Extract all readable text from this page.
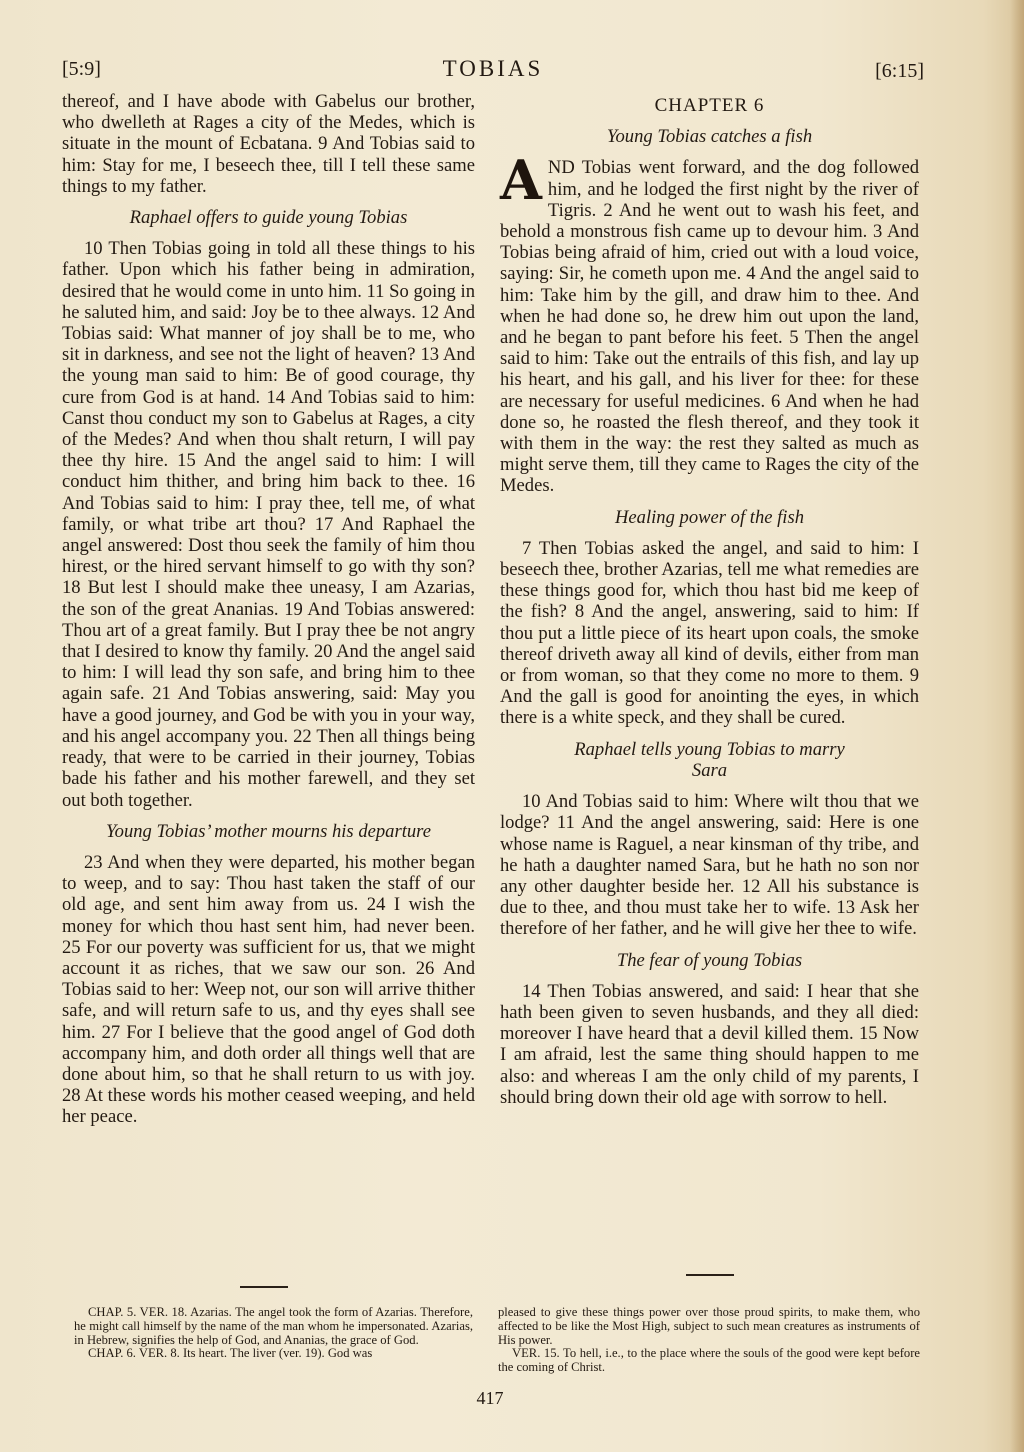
[5:9]	TOBIAS	[6:15]

thereof, and I have abode with Gabelus our brother, who dwelleth at Rages a city of the Medes, which is situate in the mount of Ecbatana. 9 And Tobias said to him: Stay for me, I beseech thee, till I tell these same things to my father.

Raphael offers to guide young Tobias

10 Then Tobias going in told all these things to his father. Upon which his father being in admiration, desired that he would come in unto him. 11 So going in he saluted him, and said: Joy be to thee always. 12 And Tobias said: What manner of joy shall be to me, who sit in darkness, and see not the light of heaven? 13 And the young man said to him: Be of good courage, thy cure from God is at hand. 14 And Tobias said to him: Canst thou conduct my son to Gabelus at Rages, a city of the Medes? And when thou shalt return, I will pay thee thy hire. 15 And the angel said to him: I will conduct him thither, and bring him back to thee. 16 And Tobias said to him: I pray thee, tell me, of what family, or what tribe art thou? 17 And Raphael the angel answered: Dost thou seek the family of him thou hirest, or the hired servant himself to go with thy son? 18 But lest I should make thee uneasy, I am Azarias, the son of the great Ananias. 19 And Tobias answered: Thou art of a great family. But I pray thee be not angry that I desired to know thy family. 20 And the angel said to him: I will lead thy son safe, and bring him to thee again safe. 21 And Tobias answering, said: May you have a good journey, and God be with you in your way, and his angel accompany you. 22 Then all things being ready, that were to be carried in their journey, Tobias bade his father and his mother farewell, and they set out both together.

Young Tobias’ mother mourns his departure

23 And when they were departed, his mother began to weep, and to say: Thou hast taken the staff of our old age, and sent him away from us. 24 I wish the money for which thou hast sent him, had never been. 25 For our poverty was sufficient for us, that we might account it as riches, that we saw our son. 26 And Tobias said to her: Weep not, our son will arrive thither safe, and will return safe to us, and thy eyes shall see him. 27 For I believe that the good angel of God doth accompany him, and doth order all things well that are done about him, so that he shall return to us with joy. 28 At these words his mother ceased weeping, and held her peace.

CHAPTER 6
Young Tobias catches a fish
A ND Tobias went forward, and the dog followed him, and he lodged the first night by the river of Tigris. 2 And he went out to wash his feet, and behold a monstrous fish came up to devour him. 3 And Tobias being afraid of him, cried out with a loud voice, saying: Sir, he cometh upon me. 4 And the angel said to him: Take him by the gill, and draw him to thee. And when he had done so, he drew him out upon the land, and he began to pant before his feet. 5 Then the angel said to him: Take out the entrails of this fish, and lay up his heart, and his gall, and his liver for thee: for these are necessary for useful medicines. 6 And when he had done so, he roasted the flesh thereof, and they took it with them in the way: the rest they salted as much as might serve them, till they came to Rages the city of the Medes.

Healing power of the fish

7 Then Tobias asked the angel, and said to him: I beseech thee, brother Azarias, tell me what remedies are these things good for, which thou hast bid me keep of the fish? 8 And the angel, answering, said to him: If thou put a little piece of its heart upon coals, the smoke thereof driveth away all kind of devils, either from man or from woman, so that they come no more to them. 9 And the gall is good for anointing the eyes, in which there is a white speck, and they shall be cured.

Raphael tells young Tobias to marry Sara

10 And Tobias said to him: Where wilt thou that we lodge? 11 And the angel answering, said: Here is one whose name is Raguel, a near kinsman of thy tribe, and he hath a daughter named Sara, but he hath no son nor any other daughter beside her. 12 All his substance is due to thee, and thou must take her to wife. 13 Ask her therefore of her father, and he will give her thee to wife.

The fear of young Tobias

14 Then Tobias answered, and said: I hear that she hath been given to seven husbands, and they all died: moreover I have heard that a devil killed them. 15 Now I am afraid, lest the same thing should happen to me also: and whereas I am the only child of my parents, I should bring down their old age with sorrow to hell.

CHAP. 5. VER. 18. Azarias. The angel took the form of Azarias. Therefore, he might call himself by the name of the man whom he impersonated. Azarias, in Hebrew, signifies the help of God, and Ananias, the grace of God.

CHAP. 6. VER. 8. Its heart. The liver (ver. 19). God was

pleased to give these things power over those proud spirits, to make them, who affected to be like the Most High, subject to such mean creatures as instruments of His power.

VER. 15. To hell, i.e., to the place where the souls of the good were kept before the coming of Christ.

417
